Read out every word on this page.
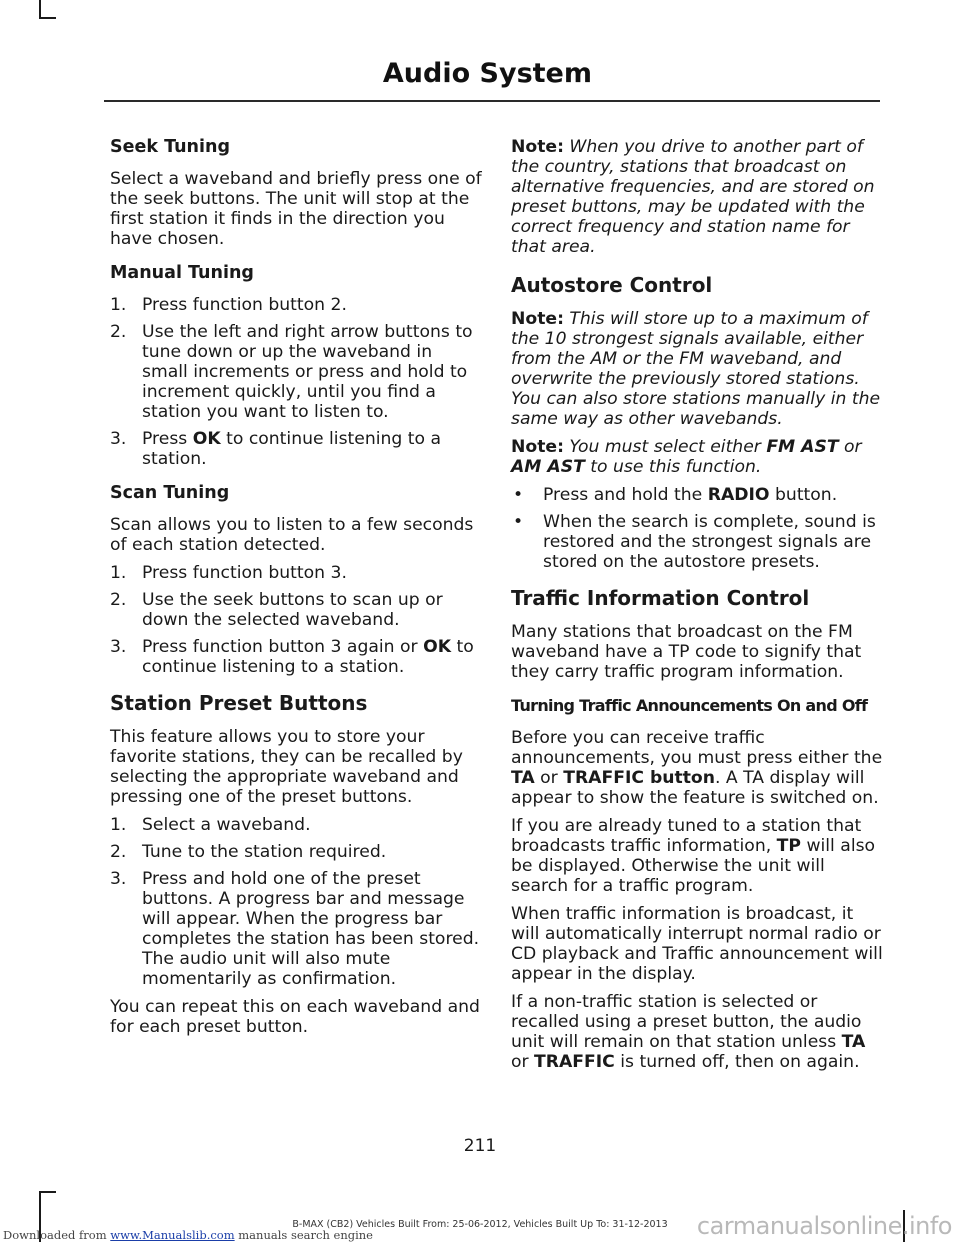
Audio System
Seek Tuning
Select a waveband and briefly press one of the seek buttons. The unit will stop at the first station it finds in the direction you have chosen.
Manual Tuning
1. Press function button 2.
2. Use the left and right arrow buttons to tune down or up the waveband in small increments or press and hold to increment quickly, until you find a station you want to listen to.
3. Press OK to continue listening to a station.
Scan Tuning
Scan allows you to listen to a few seconds of each station detected.
1. Press function button 3.
2. Use the seek buttons to scan up or down the selected waveband.
3. Press function button 3 again or OK to continue listening to a station.
Station Preset Buttons
This feature allows you to store your favorite stations, they can be recalled by selecting the appropriate waveband and pressing one of the preset buttons.
1. Select a waveband.
2. Tune to the station required.
3. Press and hold one of the preset buttons. A progress bar and message will appear. When the progress bar completes the station has been stored. The audio unit will also mute momentarily as confirmation.
You can repeat this on each waveband and for each preset button.
Note: When you drive to another part of the country, stations that broadcast on alternative frequencies, and are stored on preset buttons, may be updated with the correct frequency and station name for that area.
Autostore Control
Note: This will store up to a maximum of the 10 strongest signals available, either from the AM or the FM waveband, and overwrite the previously stored stations. You can also store stations manually in the same way as other wavebands.
Note: You must select either FM AST or AM AST to use this function.
• Press and hold the RADIO button.
• When the search is complete, sound is restored and the strongest signals are stored on the autostore presets.
Traffic Information Control
Many stations that broadcast on the FM waveband have a TP code to signify that they carry traffic program information.
Turning Traffic Announcements On and Off
Before you can receive traffic announcements, you must press either the TA or TRAFFIC button. A TA display will appear to show the feature is switched on.
If you are already tuned to a station that broadcasts traffic information, TP will also be displayed. Otherwise the unit will search for a traffic program.
When traffic information is broadcast, it will automatically interrupt normal radio or CD playback and Traffic announcement will appear in the display.
If a non-traffic station is selected or recalled using a preset button, the audio unit will remain on that station unless TA or TRAFFIC is turned off, then on again.
211
B-MAX (CB2) Vehicles Built From: 25-06-2012, Vehicles Built Up To: 31-12-2013
Downloaded from www.Manualslib.com manuals search engine	carmanualsonline.info
